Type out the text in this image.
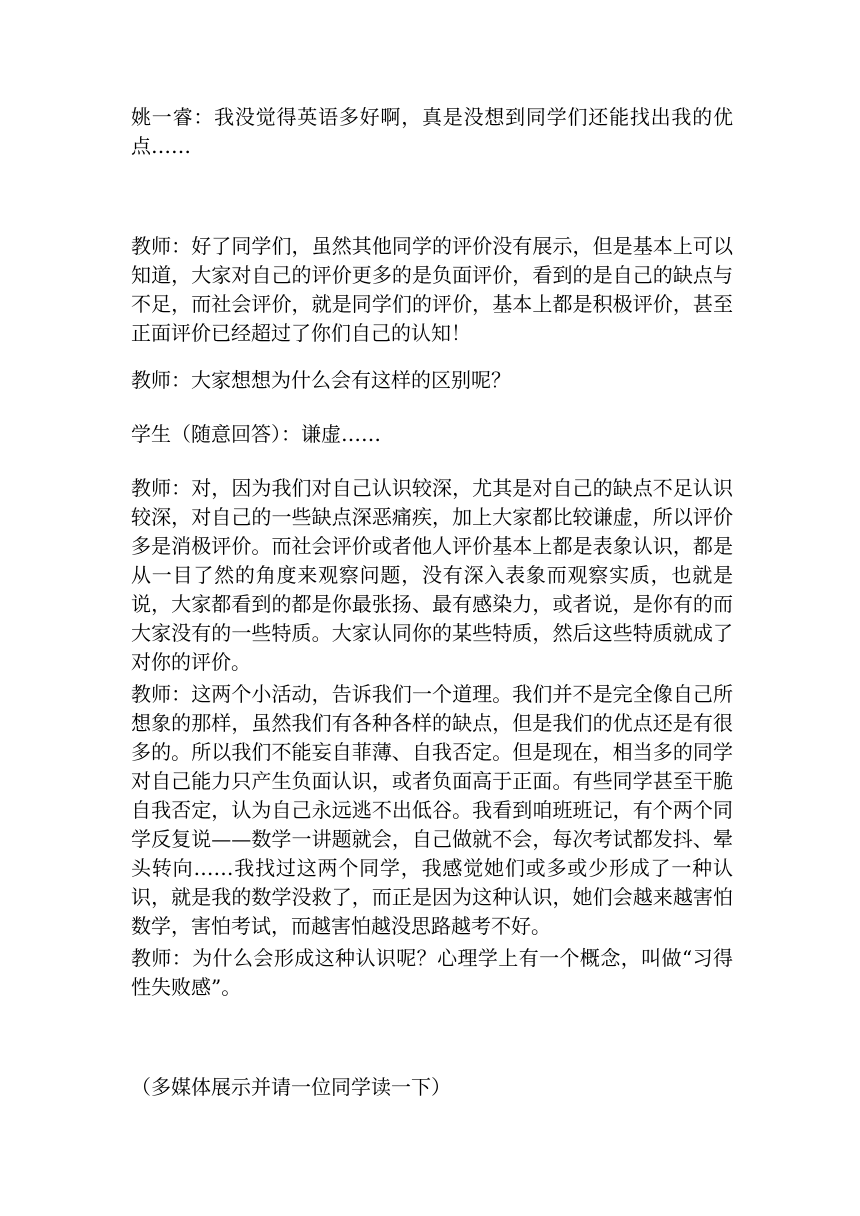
姚一睿：我没觉得英语多好啊，真是没想到同学们还能找出我的优点……

教师：好了同学们，虽然其他同学的评价没有展示，但是基本上可以知道，大家对自己的评价更多的是负面评价，看到的是自己的缺点与不足，而社会评价，就是同学们的评价，基本上都是积极评价，甚至正面评价已经超过了你们自己的认知！

教师：大家想想为什么会有这样的区别呢？

学生（随意回答）：谦虚……

教师：对，因为我们对自己认识较深，尤其是对自己的缺点不足认识较深，对自己的一些缺点深恶痛疾，加上大家都比较谦虚，所以评价多是消极评价。而社会评价或者他人评价基本上都是表象认识，都是从一目了然的角度来观察问题，没有深入表象而观察实质，也就是说，大家都看到的都是你最张扬、最有感染力，或者说，是你有的而大家没有的一些特质。大家认同你的某些特质，然后这些特质就成了对你的评价。

教师：这两个小活动，告诉我们一个道理。我们并不是完全像自己所想象的那样，虽然我们有各种各样的缺点，但是我们的优点还是有很多的。所以我们不能妄自菲薄、自我否定。但是现在，相当多的同学对自己能力只产生负面认识，或者负面高于正面。有些同学甚至干脆自我否定，认为自己永远逃不出低谷。我看到咱班班记，有个两个同学反复说——数学一讲题就会，自己做就不会，每次考试都发抖、晕头转向……我找过这两个同学，我感觉她们或多或少形成了一种认识，就是我的数学没救了，而正是因为这种认识，她们会越来越害怕数学，害怕考试，而越害怕越没思路越考不好。

教师：为什么会形成这种认识呢？心理学上有一个概念，叫做“习得性失败感”。

（多媒体展示并请一位同学读一下）
